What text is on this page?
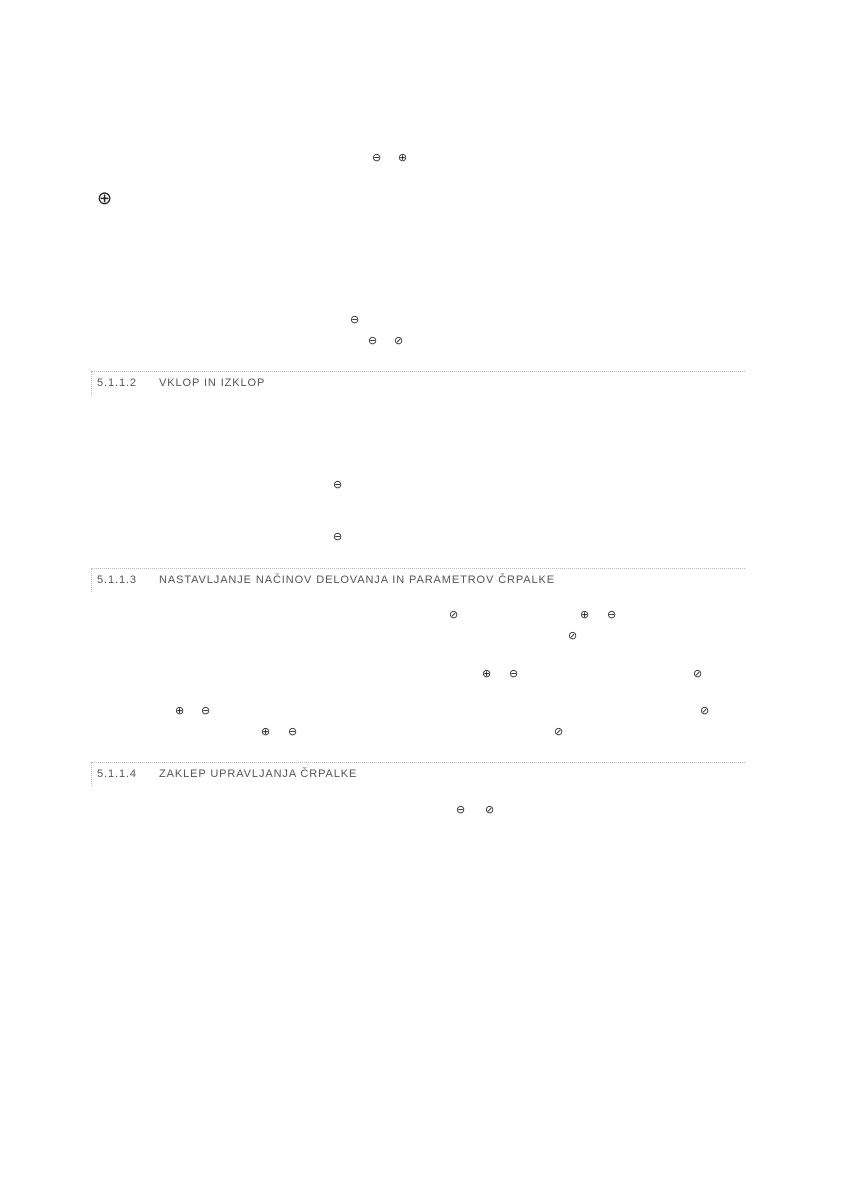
⊖ ⊕
⊕
⊖
⊖ ⊘
5.1.1.2 VKLOP IN IZKLOP
⊖
⊖
5.1.1.3 NASTAVLJANJE NAČINOV DELOVANJA IN PARAMETROV ČRPALKE
⊘	⊕ ⊖
⊘
⊕ ⊖	⊘
⊕ ⊖	⊘
⊕ ⊖	⊘
5.1.1.4 ZAKLEP UPRAVLJANJA ČRPALKE
⊖ ⊘
